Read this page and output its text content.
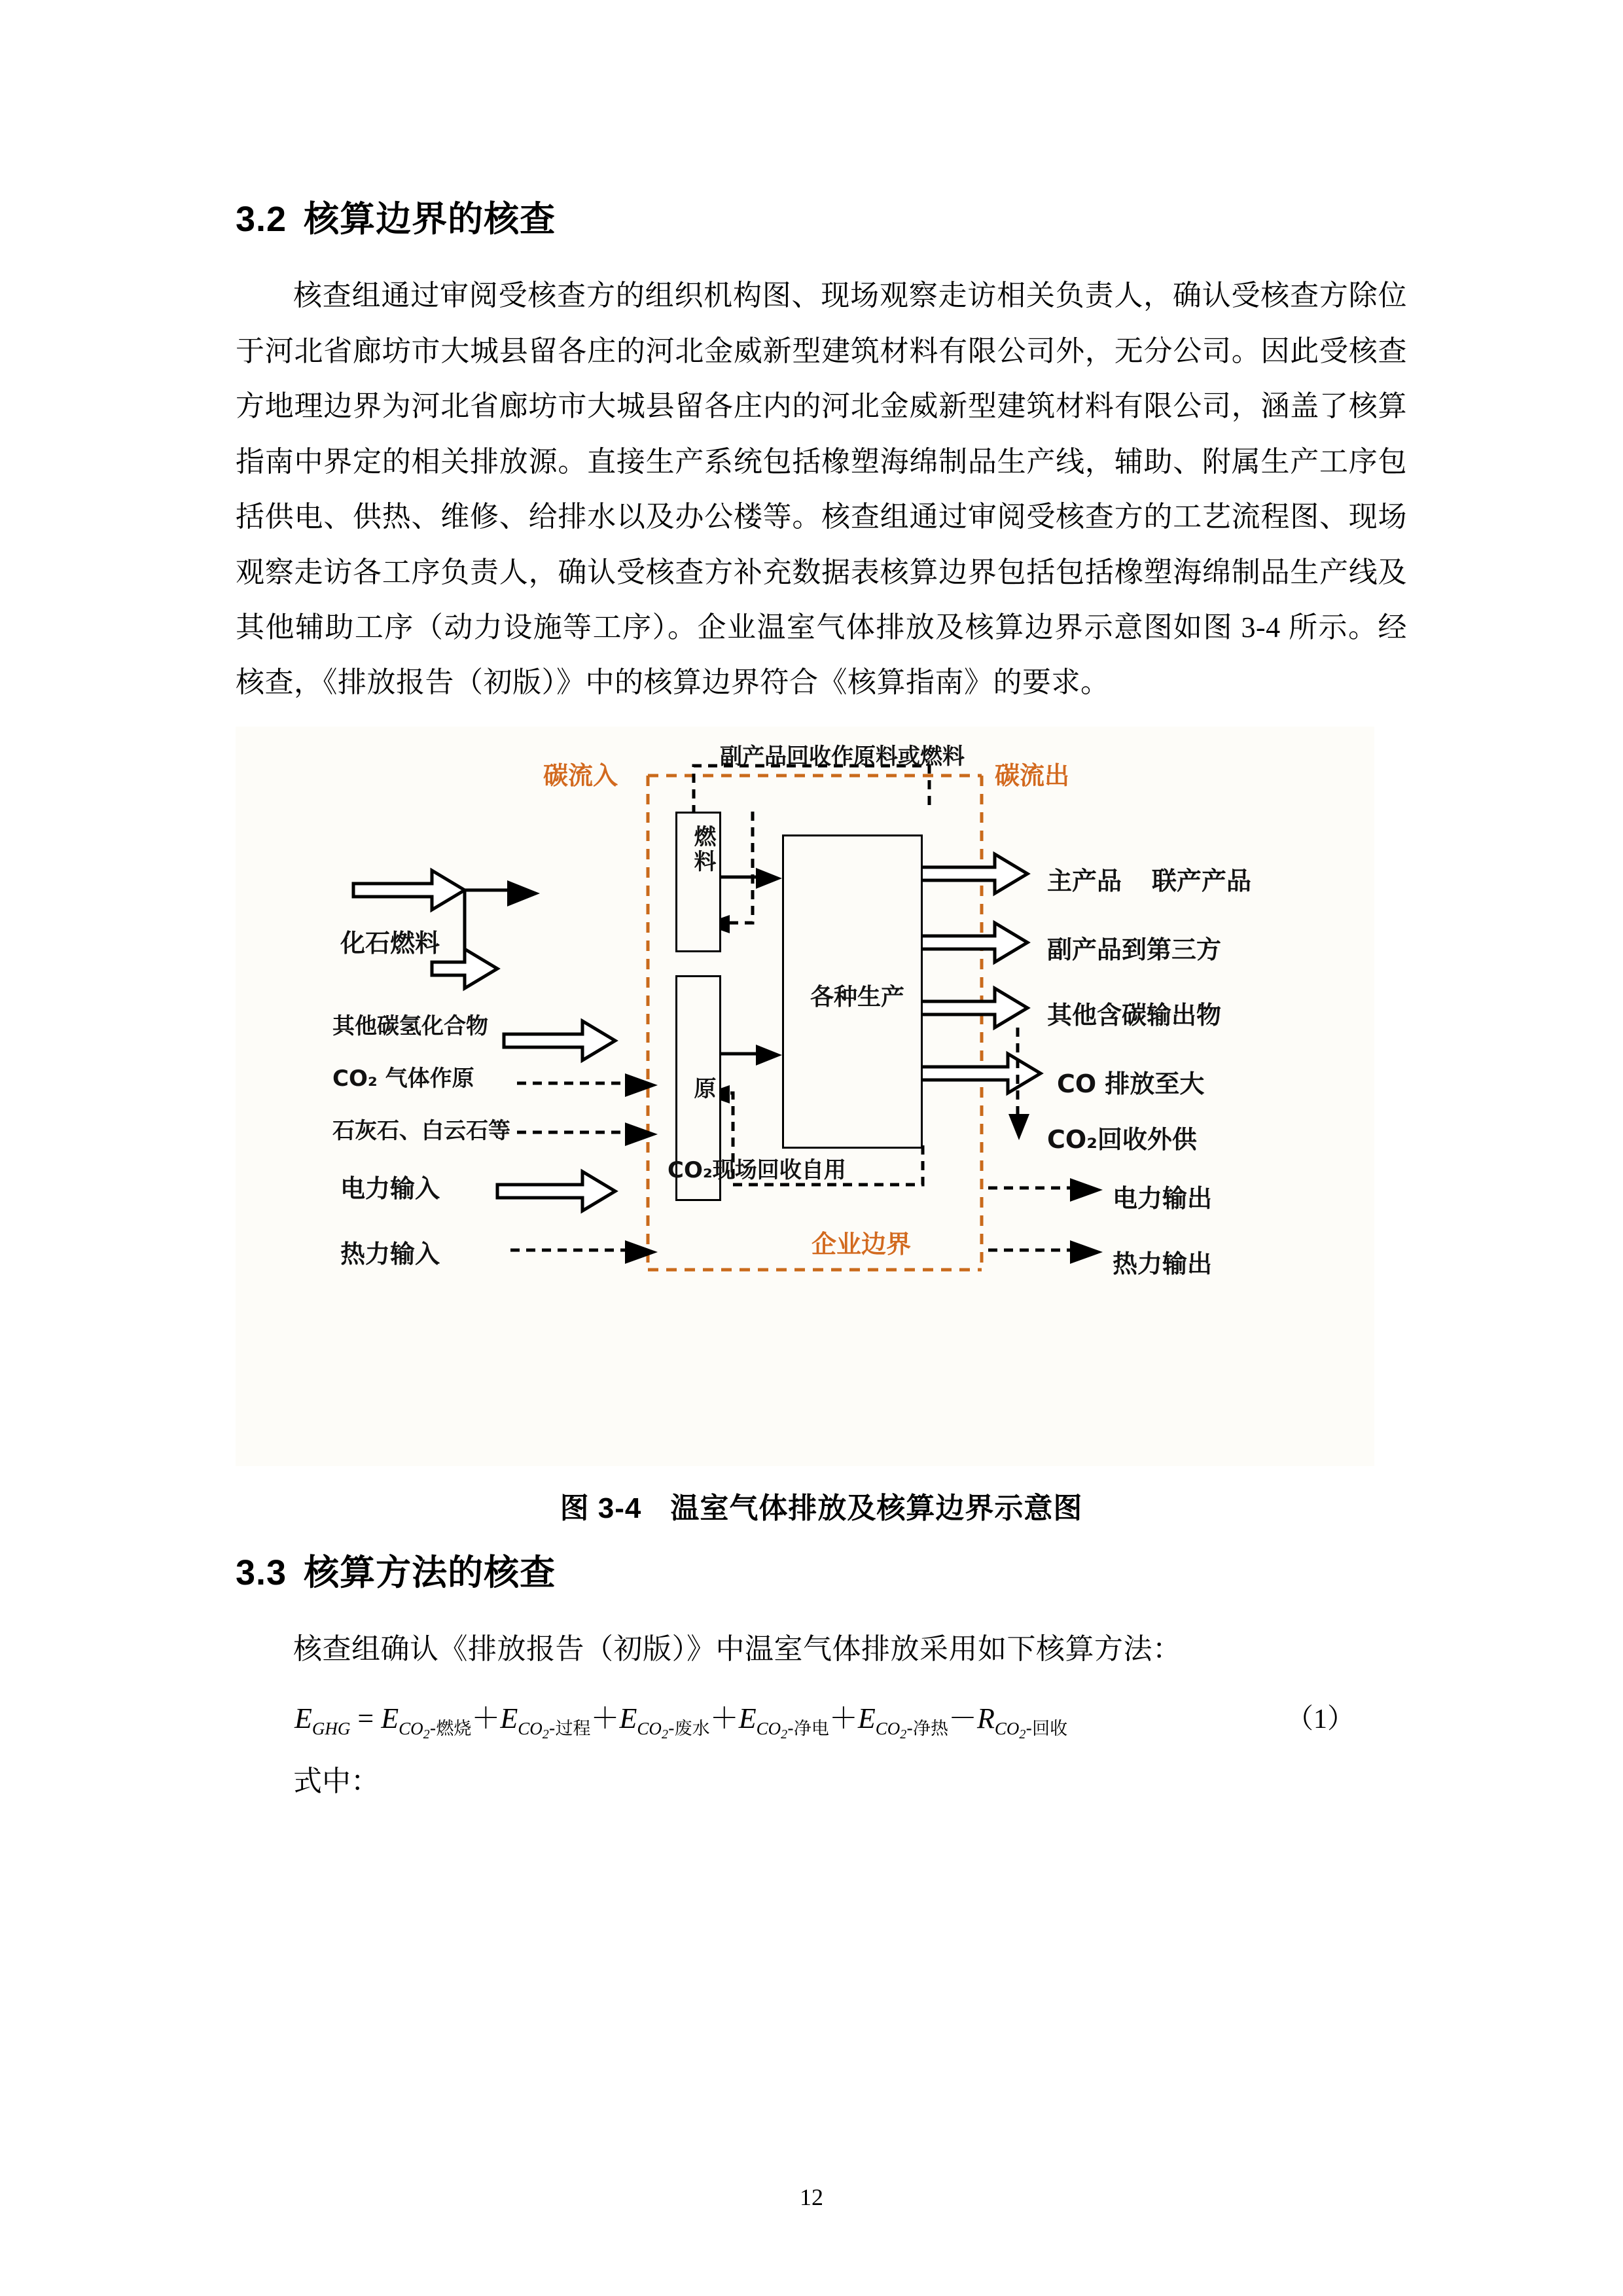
3.2 核算边界的核查

核查组通过审阅受核查方的组织机构图、现场观察走访相关负责人，确认受核查方除位于河北省廊坊市大城县留各庄的河北金威新型建筑材料有限公司外，无分公司。因此受核查方地理边界为河北省廊坊市大城县留各庄内的河北金威新型建筑材料有限公司，涵盖了核算指南中界定的相关排放源。直接生产系统包括橡塑海绵制品生产线，辅助、附属生产工序包括供电、供热、维修、给排水以及办公楼等。核查组通过审阅受核查方的工艺流程图、现场观察走访各工序负责人，确认受核查方补充数据表核算边界包括包括橡塑海绵制品生产线及其他辅助工序（动力设施等工序）。企业温室气体排放及核算边界示意图如图 3-4 所示。经核查，《排放报告（初版）》中的核算边界符合《核算指南》的要求。

碳流入	碳流出
副产品回收作原料或燃料
燃料
原
各种生产
化石燃料
其他碳氢化合物
CO₂ 气体作原
石灰石、白云石等
电力输入
热力输入
CO₂现场回收自用
企业边界
主产品 联产产品
副产品到第三方
其他含碳输出物
CO 排放至大
CO₂回收外供
电力输出
热力输出
图 3-4 温室气体排放及核算边界示意图
3.3 核算方法的核查

核查组确认《排放报告（初版）》中温室气体排放采用如下核算方法：

$E_{GHG} = E_{CO2-燃烧}+E_{CO2-过程}+E_{CO2-废水}+E_{CO2-净电}+E_{CO2-净热}-R_{CO2-回收}$	（1）
式中：
12
